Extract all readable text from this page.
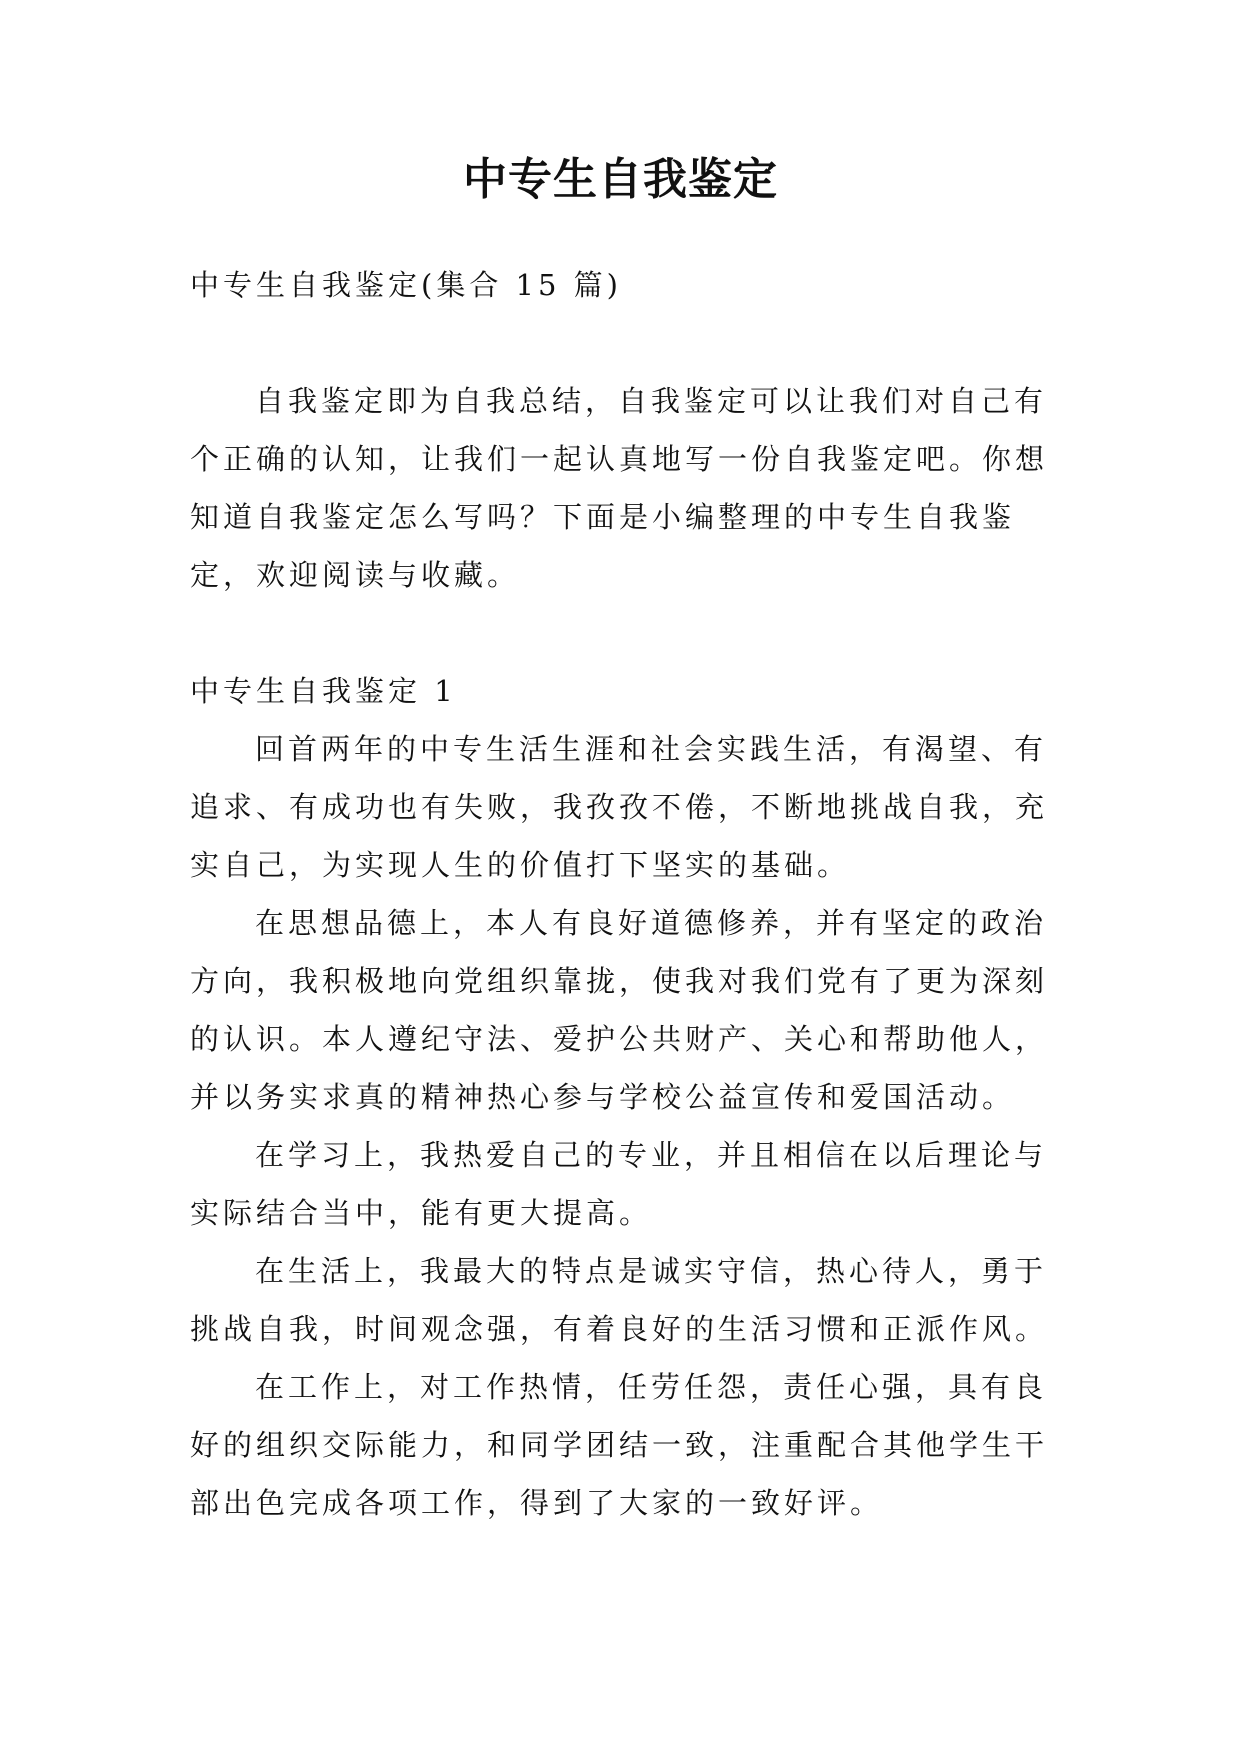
中专生自我鉴定
中专生自我鉴定(集合 15 篇)
自我鉴定即为自我总结，自我鉴定可以让我们对自己有
个正确的认知，让我们一起认真地写一份自我鉴定吧。你想
知道自我鉴定怎么写吗？下面是小编整理的中专生自我鉴
定，欢迎阅读与收藏。
中专生自我鉴定 1
回首两年的中专生活生涯和社会实践生活，有渴望、有
追求、有成功也有失败，我孜孜不倦，不断地挑战自我，充
实自己，为实现人生的价值打下坚实的基础。
在思想品德上，本人有良好道德修养，并有坚定的政治
方向，我积极地向党组织靠拢，使我对我们党有了更为深刻
的认识。本人遵纪守法、爱护公共财产、关心和帮助他人，
并以务实求真的精神热心参与学校公益宣传和爱国活动。
在学习上，我热爱自己的专业，并且相信在以后理论与
实际结合当中，能有更大提高。
在生活上，我最大的特点是诚实守信，热心待人，勇于
挑战自我，时间观念强，有着良好的生活习惯和正派作风。
在工作上，对工作热情，任劳任怨，责任心强，具有良
好的组织交际能力，和同学团结一致，注重配合其他学生干
部出色完成各项工作，得到了大家的一致好评。
